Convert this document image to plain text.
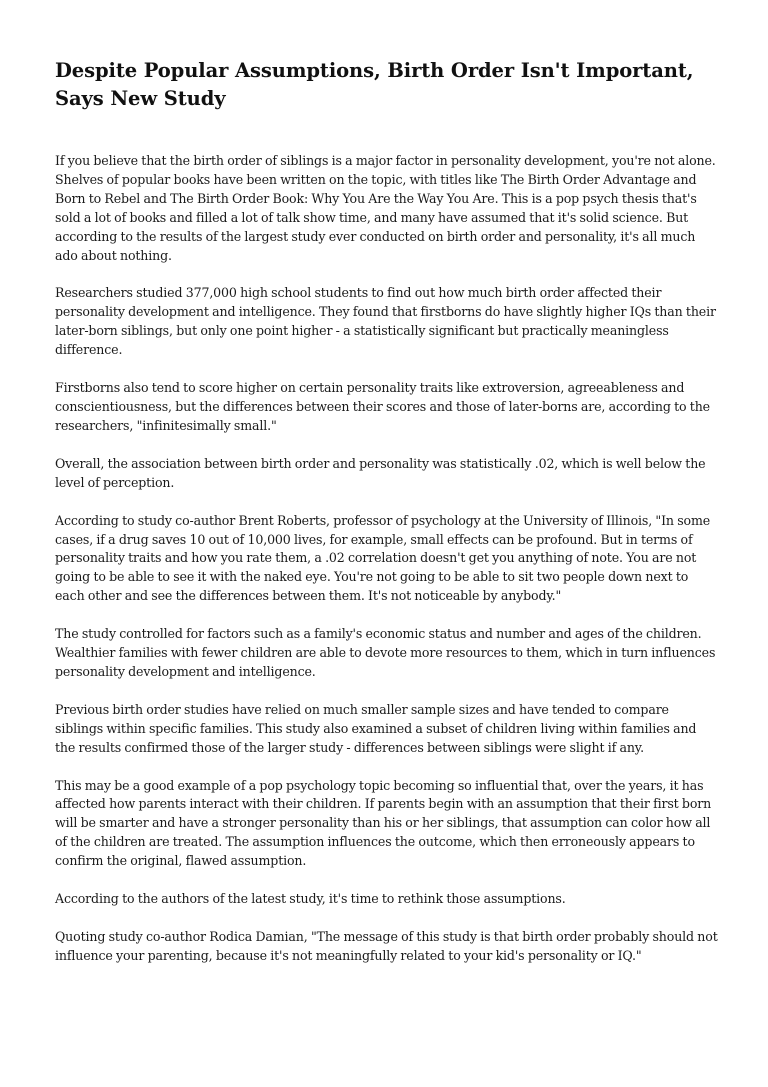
Despite Popular Assumptions, Birth Order Isn't Important, Says New Study

If you believe that the birth order of siblings is a major factor in personality development, you're not alone. Shelves of popular books have been written on the topic, with titles like The Birth Order Advantage and Born to Rebel and The Birth Order Book: Why You Are the Way You Are. This is a pop psych thesis that's sold a lot of books and filled a lot of talk show time, and many have assumed that it's solid science. But according to the results of the largest study ever conducted on birth order and personality, it's all much ado about nothing.

Researchers studied 377,000 high school students to find out how much birth order affected their personality development and intelligence. They found that firstborns do have slightly higher IQs than their later-born siblings, but only one point higher - a statistically significant but practically meaningless difference.

Firstborns also tend to score higher on certain personality traits like extroversion, agreeableness and conscientiousness, but the differences between their scores and those of later-borns are, according to the researchers, "infinitesimally small."

Overall, the association between birth order and personality was statistically .02, which is well below the level of perception.

According to study co-author Brent Roberts, professor of psychology at the University of Illinois, "In some cases, if a drug saves 10 out of 10,000 lives, for example, small effects can be profound. But in terms of personality traits and how you rate them, a .02 correlation doesn't get you anything of note. You are not going to be able to see it with the naked eye. You're not going to be able to sit two people down next to each other and see the differences between them. It's not noticeable by anybody."

The study controlled for factors such as a family's economic status and number and ages of the children. Wealthier families with fewer children are able to devote more resources to them, which in turn influences personality development and intelligence.

Previous birth order studies have relied on much smaller sample sizes and have tended to compare siblings within specific families. This study also examined a subset of children living within families and the results confirmed those of the larger study - differences between siblings were slight if any.

This may be a good example of a pop psychology topic becoming so influential that, over the years, it has affected how parents interact with their children. If parents begin with an assumption that their first born will be smarter and have a stronger personality than his or her siblings, that assumption can color how all of the children are treated. The assumption influences the outcome, which then erroneously appears to confirm the original, flawed assumption.

According to the authors of the latest study, it's time to rethink those assumptions.

Quoting study co-author Rodica Damian, "The message of this study is that birth order probably should not influence your parenting, because it's not meaningfully related to your kid's personality or IQ."
